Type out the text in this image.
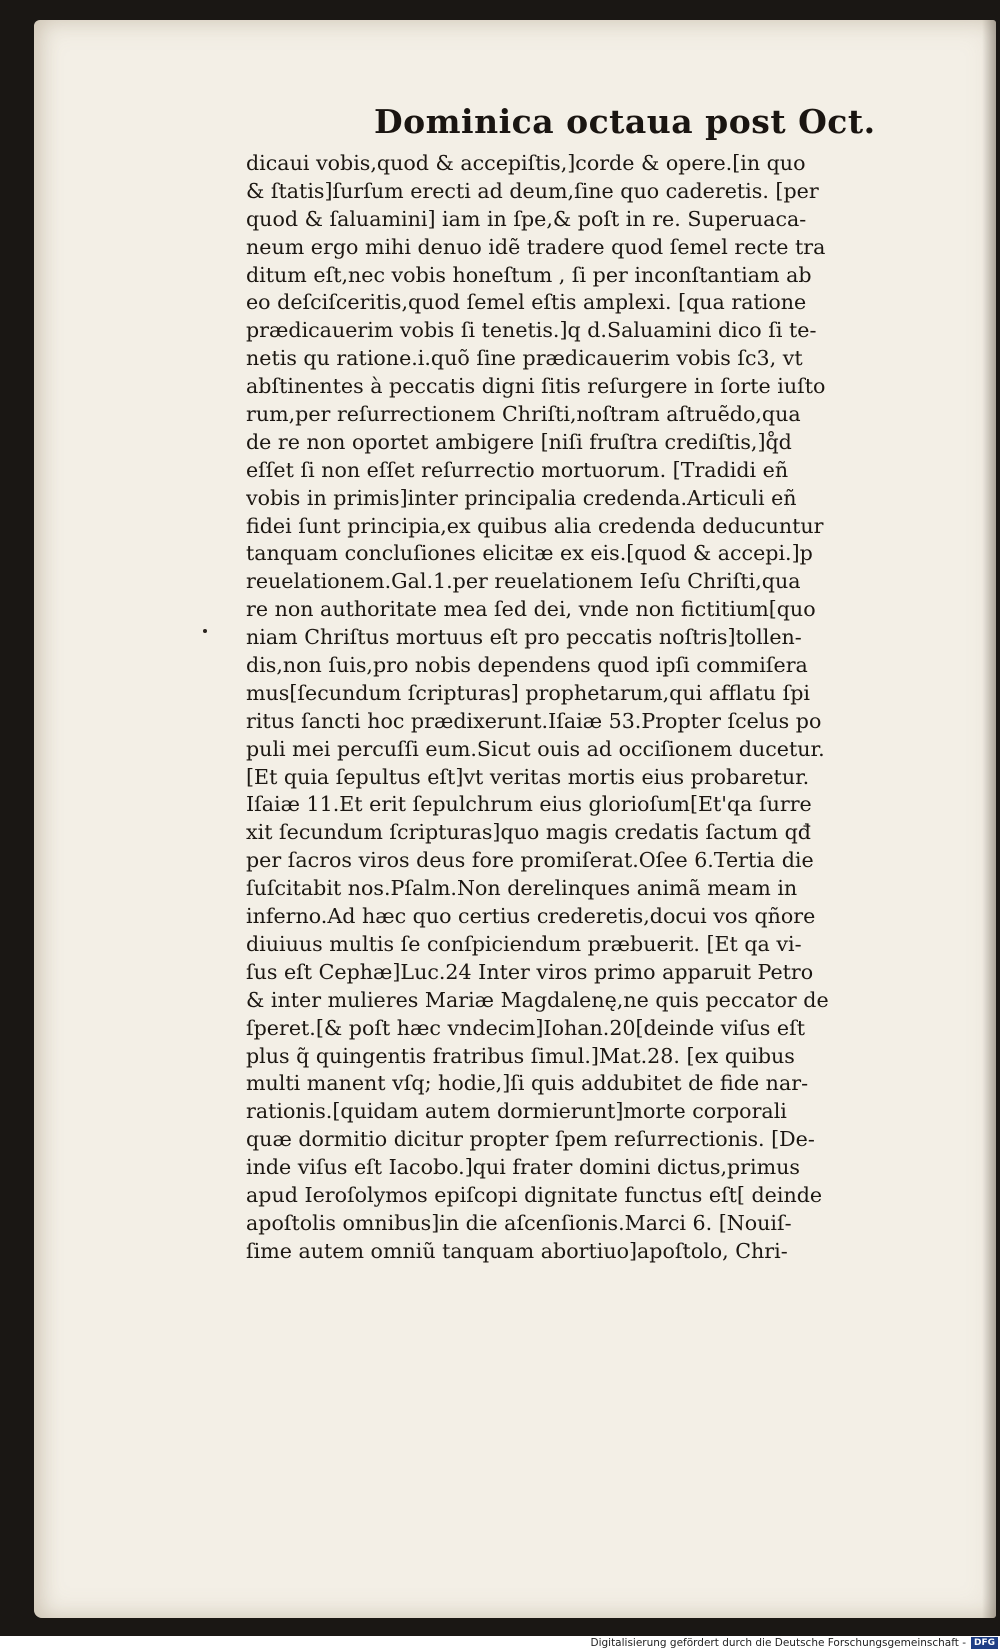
Dominica octaua post Oct.
dicaui vobis,quod & accepiſtis,]corde & opere.[in quo
& ſtatis]ſurſum erecti ad deum,ſine quo caderetis. [per
quod & ſaluamini] iam in ſpe,& poſt in re. Superuaca-
neum ergo mihi denuo idẽ tradere quod ſemel recte tra
ditum eſt,nec vobis honeſtum , ſi per inconſtantiam ab
eo deſciſceritis,quod ſemel eſtis amplexi. [qua ratione
prædicauerim vobis ſi tenetis.]q d.Saluamini dico ſi te-
netis qu ratione.i.quõ ſine prædicauerim vobis ſc3, vt
abſtinentes à peccatis digni ſitis reſurgere in ſorte iuſto
rum,per reſurrectionem Chriſti,noſtram aſtruẽdo,qua
de re non oportet ambigere [niſi fruſtra crediſtis,]q̊d
eſſet ſi non eſſet reſurrectio mortuorum. [Tradidi eñ
vobis in primis]inter principalia credenda.Articuli eñ
fidei ſunt principia,ex quibus alia credenda deducuntur
tanquam concluſiones elicitæ ex eis.[quod & accepi.]p
reuelationem.Gal.1.per reuelationem Ieſu Chriſti,qua
re non authoritate mea ſed dei, vnde non fictitium[quo
niam Chriſtus mortuus eſt pro peccatis noſtris]tollen-
dis,non ſuis,pro nobis dependens quod ipſi commiſera
mus[ſecundum ſcripturas] prophetarum,qui afflatu ſpi
ritus ſancti hoc prædixerunt.Iſaiæ 53.Propter ſcelus po
puli mei percuſſi eum.Sicut ouis ad occiſionem ducetur.
[Et quia ſepultus eſt]vt veritas mortis eius probaretur.
Iſaiæ 11.Et erit ſepulchrum eius glorioſum[Et'qa ſurre
xit ſecundum ſcripturas]quo magis credatis ſactum qđ
per ſacros viros deus fore promiſerat.Oſee 6.Tertia die
ſuſcitabit nos.Pſalm.Non derelinques animã meam in
inferno.Ad hæc quo certius crederetis,docui vos qñore
diuiuus multis ſe conſpiciendum præbuerit. [Et qa vi-
ſus eſt Cephæ]Luc.24 Inter viros primo apparuit Petro
& inter mulieres Mariæ Magdalenę,ne quis peccator de
ſperet.[& poſt hæc vndecim]Iohan.20[deinde viſus eſt
plus q̃ quingentis fratribus ſimul.]Mat.28. [ex quibus
multi manent vſq; hodie,]ſi quis addubitet de fide nar-
rationis.[quidam autem dormierunt]morte corporali
quæ dormitio dicitur propter ſpem reſurrectionis. [De-
inde viſus eſt Iacobo.]qui frater domini dictus,primus
apud Ieroſolymos epiſcopi dignitate functus eſt[ deinde
apoſtolis omnibus]in die aſcenſionis.Marci 6. [Nouiſ-
ſime autem omniũ tanquam abortiuo]apoſtolo, Chri-
Digitalisierung gefördert durch die Deutsche Forschungsgemeinschaft - DFG
